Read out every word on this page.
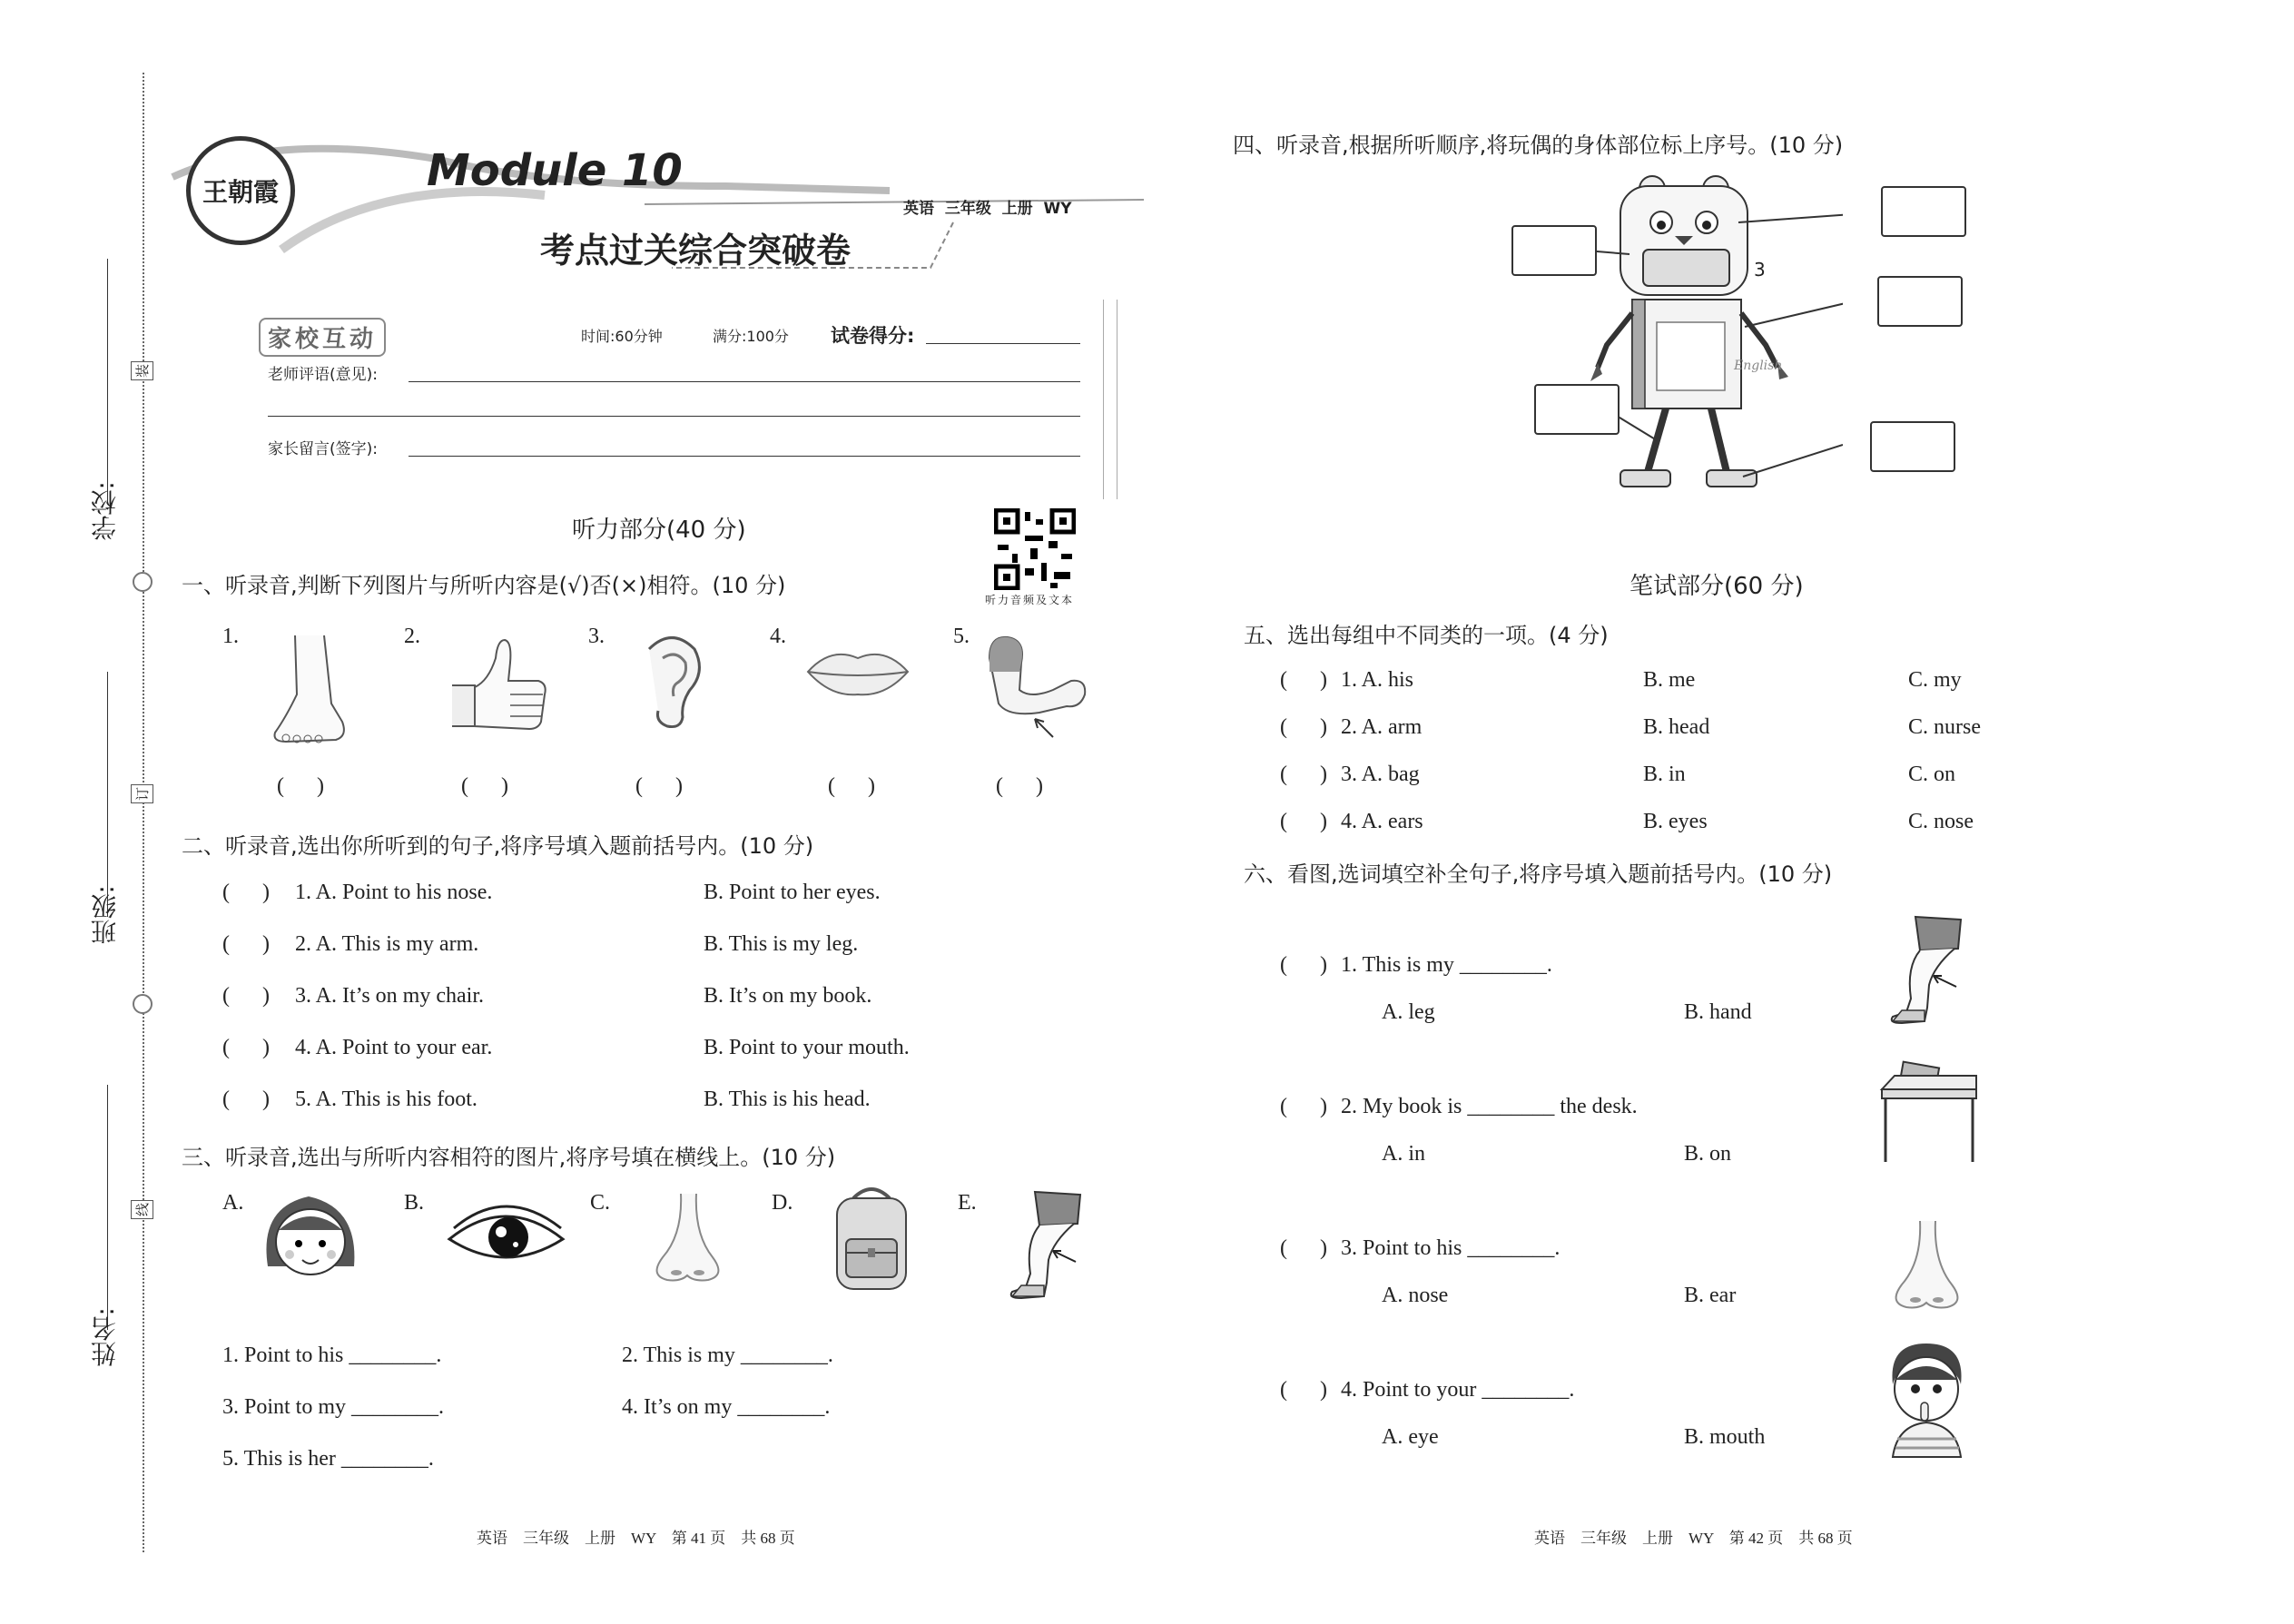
学校:
班级:
姓名:
装
订
线
王朝霞	Module 10
英语  三年级  上册  WY
考点过关综合突破卷
家校互动	时间:60分钟	满分:100分 试卷得分:
老师评语(意见):
家长留言(签字):
听力部分(40 分)
听力音频及文本
一、听录音,判断下列图片与所听内容是(√)否(×)相符。(10 分)
1.	2.	3.	4.	5.
(      )	(      )	(      )	(      )	(      )
二、听录音,选出你所听到的句子,将序号填入题前括号内。(10 分)
(      ) 1. A. Point to his nose.	B. Point to her eyes.
(      ) 2. A. This is my arm.	B. This is my leg.
(      ) 3. A. It’s on my chair.	B. It’s on my book.
(      ) 4. A. Point to your ear.	B. Point to your mouth.
(      ) 5. A. This is his foot.	B. This is his head.
三、听录音,选出与所听内容相符的图片,将序号填在横线上。(10 分)
A.	B.	C.	D.	E.
1. Point to his ________.	2. This is my ________.
3. Point to my ________.	4. It’s on my ________.
5. This is her ________.
英语    三年级    上册    WY    第 41 页    共 68 页
四、听录音,根据所听顺序,将玩偶的身体部位标上序号。(10 分)
3
English
笔试部分(60 分)
五、选出每组中不同类的一项。(4 分)
(      ) 1. A. his	B. me	C. my
(      ) 2. A. arm	B. head	C. nurse
(      ) 3. A. bag	B. in	C. on
(      ) 4. A. ears	B. eyes	C. nose
六、看图,选词填空补全句子,将序号填入题前括号内。(10 分)
(      ) 1. This is my ________.
A. leg	B. hand
(      ) 2. My book is ________ the desk.
A. in	B. on
(      ) 3. Point to his ________.
A. nose	B. ear
(      ) 4. Point to your ________.
A. eye	B. mouth
英语    三年级    上册    WY    第 42 页    共 68 页
